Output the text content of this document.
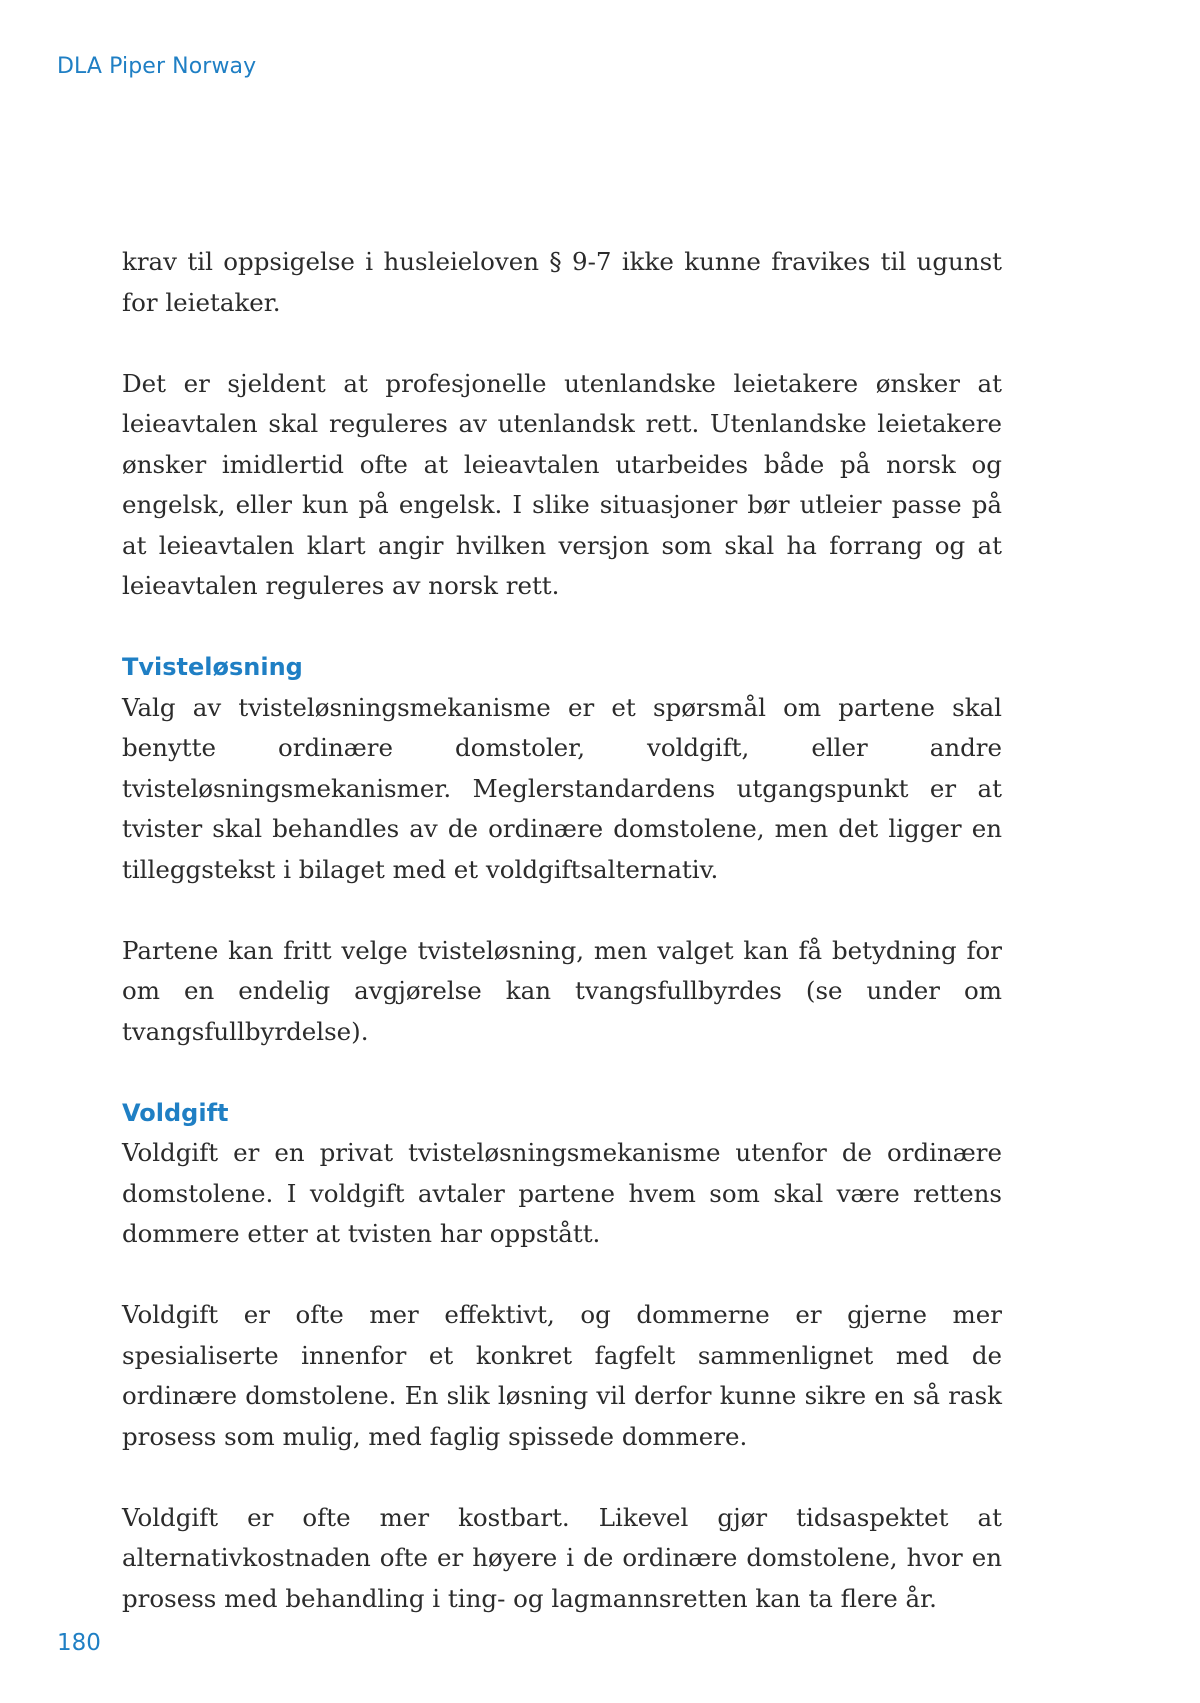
DLA Piper Norway

krav til oppsigelse i husleieloven § 9-7 ikke kunne fravikes til ugunst for leietaker.

Det er sjeldent at profesjonelle utenlandske leietakere ønsker at leieavtalen skal reguleres av utenlandsk rett. Utenlandske leietakere ønsker imidlertid ofte at leieavtalen utarbeides både på norsk og engelsk, eller kun på engelsk. I slike situasjoner bør utleier passe på at leieavtalen klart angir hvilken versjon som skal ha forrang og at leieavtalen reguleres av norsk rett.

Tvisteløsning

Valg av tvisteløsningsmekanisme er et spørsmål om partene skal benytte ordinære domstoler, voldgift, eller andre tvisteløsningsmekanismer. Meglerstandardens utgangspunkt er at tvister skal behandles av de ordinære domstolene, men det ligger en tilleggstekst i bilaget med et voldgiftsalternativ.

Partene kan fritt velge tvisteløsning, men valget kan få betydning for om en endelig avgjørelse kan tvangsfullbyrdes (se under om tvangsfullbyrdelse).

Voldgift

Voldgift er en privat tvisteløsningsmekanisme utenfor de ordinære domstolene. I voldgift avtaler partene hvem som skal være rettens dommere etter at tvisten har oppstått.

Voldgift er ofte mer effektivt, og dommerne er gjerne mer spesialiserte innenfor et konkret fagfelt sammenlignet med de ordinære domstolene. En slik løsning vil derfor kunne sikre en så rask prosess som mulig, med faglig spissede dommere.

Voldgift er ofte mer kostbart. Likevel gjør tidsaspektet at alternativkostnaden ofte er høyere i de ordinære domstolene, hvor en prosess med behandling i ting- og lagmannsretten kan ta flere år.

180
